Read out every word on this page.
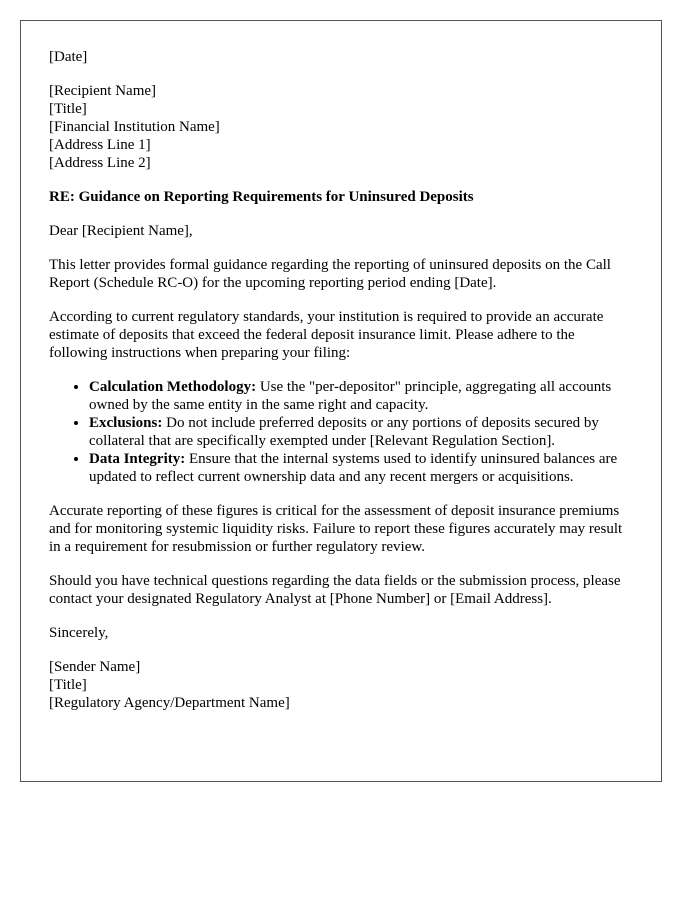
[Date]
[Recipient Name]
[Title]
[Financial Institution Name]
[Address Line 1]
[Address Line 2]
RE: Guidance on Reporting Requirements for Uninsured Deposits

Dear [Recipient Name],

This letter provides formal guidance regarding the reporting of uninsured deposits on the Call Report (Schedule RC-O) for the upcoming reporting period ending [Date].

According to current regulatory standards, your institution is required to provide an accurate estimate of deposits that exceed the federal deposit insurance limit. Please adhere to the following instructions when preparing your filing:

• Calculation Methodology: Use the "per-depositor" principle, aggregating all accounts owned by the same entity in the same right and capacity.
• Exclusions: Do not include preferred deposits or any portions of deposits secured by collateral that are specifically exempted under [Relevant Regulation Section].
• Data Integrity: Ensure that the internal systems used to identify uninsured balances are updated to reflect current ownership data and any recent mergers or acquisitions.

Accurate reporting of these figures is critical for the assessment of deposit insurance premiums and for monitoring systemic liquidity risks. Failure to report these figures accurately may result in a requirement for resubmission or further regulatory review.

Should you have technical questions regarding the data fields or the submission process, please contact your designated Regulatory Analyst at [Phone Number] or [Email Address].

Sincerely,

[Sender Name]
[Title]
[Regulatory Agency/Department Name]
